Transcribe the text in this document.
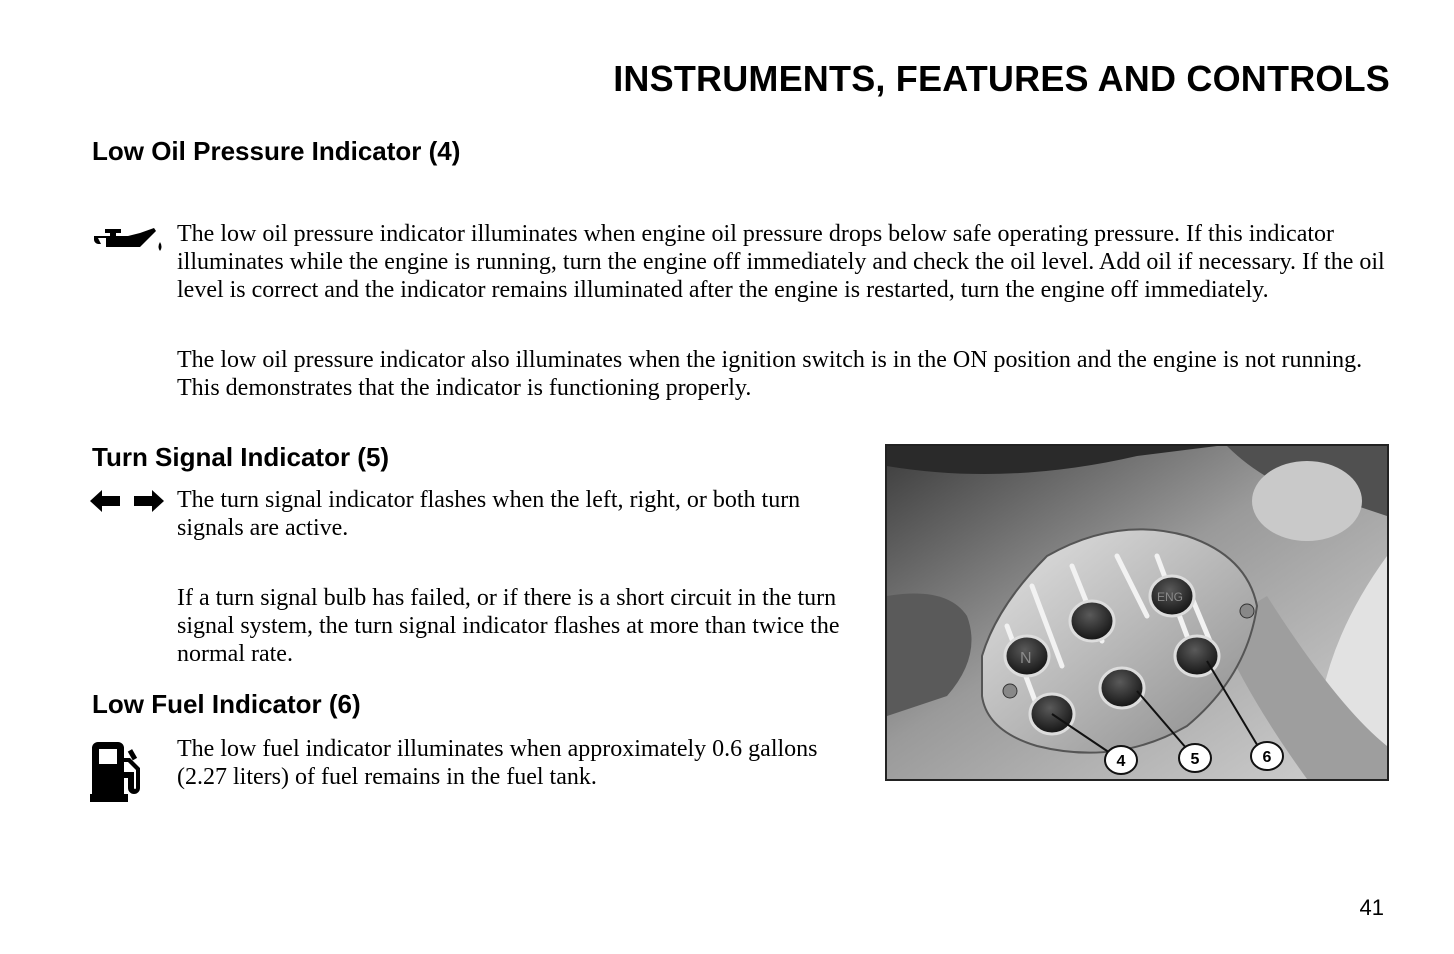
INSTRUMENTS, FEATURES AND CONTROLS
Low Oil Pressure Indicator (4)

The low oil pressure indicator illuminates when engine oil pressure drops below safe operating pressure. If this indicator illuminates while the engine is running, turn the engine off immediately and check the oil level. Add oil if necessary. If the oil level is correct and the indicator remains illuminated after the engine is restarted, turn the engine off immediately.

The low oil pressure indicator also illuminates when the ignition switch is in the ON position and the engine is not running. This demonstrates that the indicator is functioning properly.

Turn Signal Indicator (5)

The turn signal indicator flashes when the left, right, or both turn signals are active.

If a turn signal bulb has failed, or if there is a short circuit in the turn signal system, the turn signal indicator flashes at more than twice the normal rate.

Low Fuel Indicator (6)

The low fuel indicator illuminates when approximately 0.6 gallons (2.27 liters) of fuel remains in the fuel tank.

N
ENG
4	5	6
41
